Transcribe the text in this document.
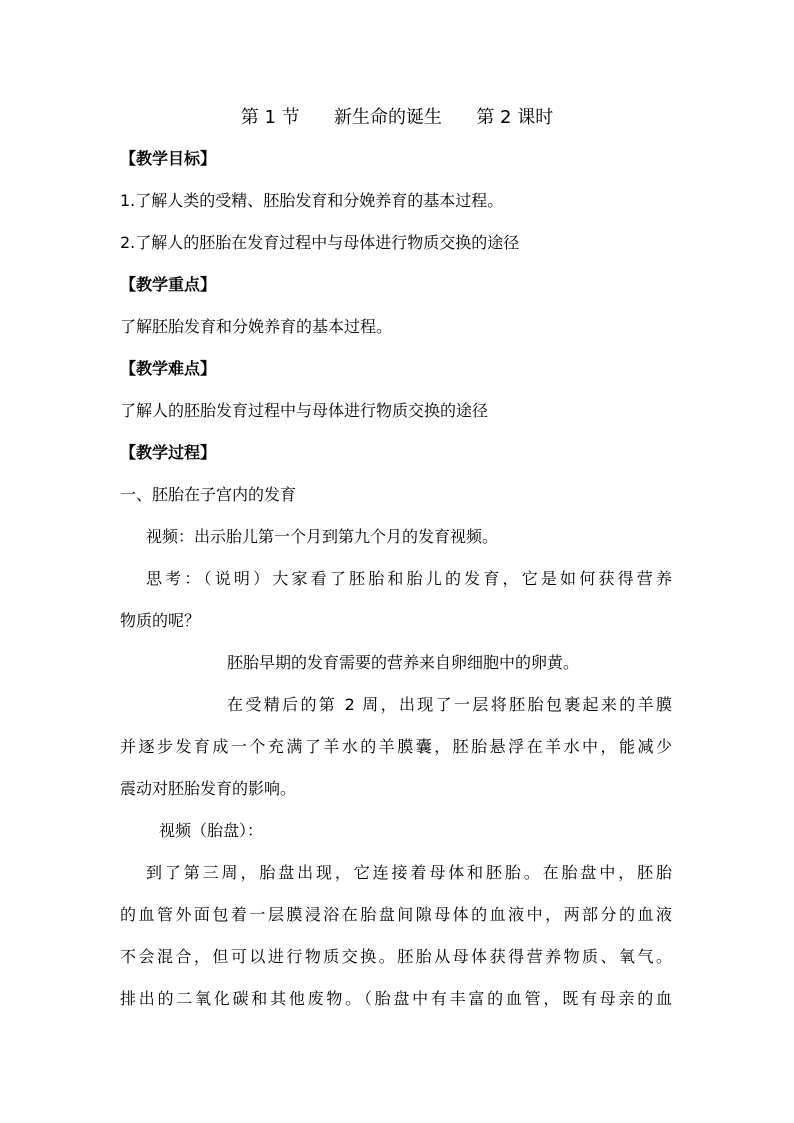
第 1 节      新生命的诞生      第 2 课时
【教学目标】
1.了解人类的受精、胚胎发育和分娩养育的基本过程。
2.了解人的胚胎在发育过程中与母体进行物质交换的途径
【教学重点】
了解胚胎发育和分娩养育的基本过程。
【教学难点】
了解人的胚胎发育过程中与母体进行物质交换的途径
【教学过程】
一、胚胎在子宫内的发育
视频：出示胎儿第一个月到第九个月的发育视频。
思考：（说明）大家看了胚胎和胎儿的发育，它是如何获得营养
物质的呢？
胚胎早期的发育需要的营养来自卵细胞中的卵黄。
在受精后的第 2 周，出现了一层将胚胎包裹起来的羊膜
并逐步发育成一个充满了羊水的羊膜囊，胚胎悬浮在羊水中，能减少
震动对胚胎发育的影响。
视频（胎盘）：
到了第三周，胎盘出现，它连接着母体和胚胎。在胎盘中，胚胎
的血管外面包着一层膜浸浴在胎盘间隙母体的血液中，两部分的血液
不会混合，但可以进行物质交换。胚胎从母体获得营养物质、氧气。
排出的二氧化碳和其他废物。（胎盘中有丰富的血管，既有母亲的血
